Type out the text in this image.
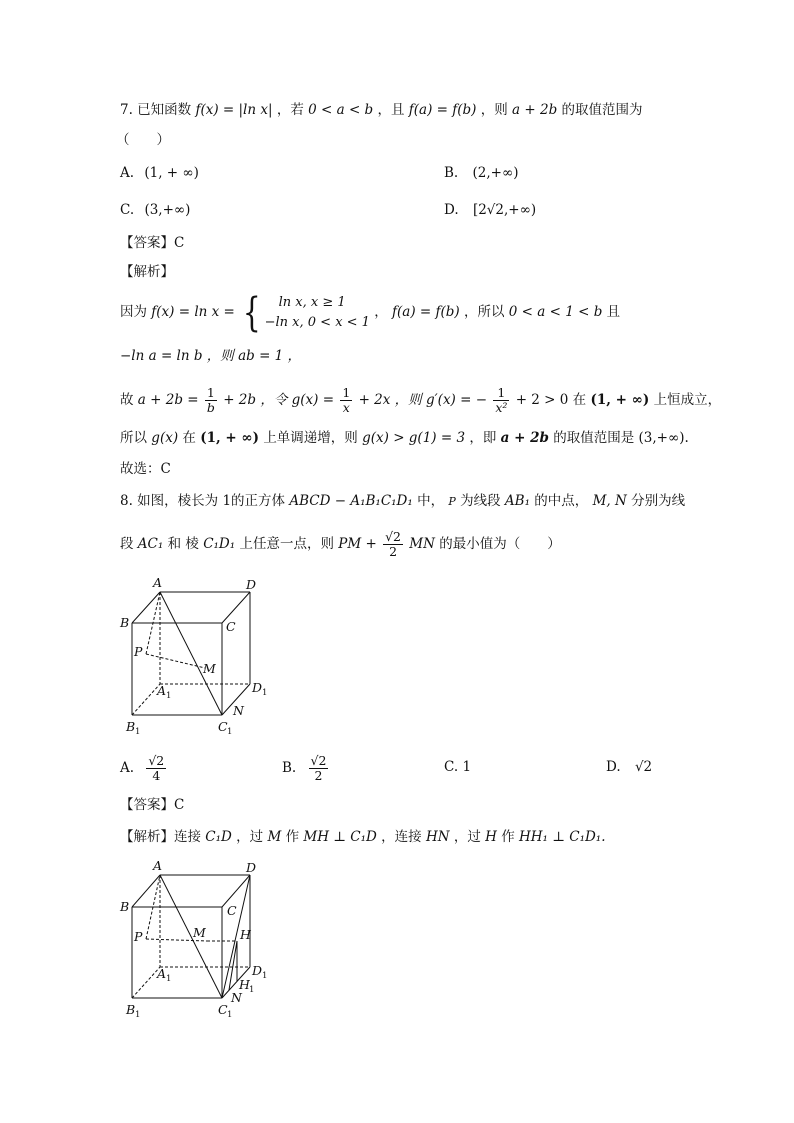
7. 已知函数 f(x) = |ln x| ，若 0 < a < b ，且 f(a) = f(b) ，则 a + 2b 的取值范围为
（　　）
A. (1, + ∞)	B. (2,+∞)
C. (3,+∞)	D. [2√2,+∞)
【答案】C
【解析】
因为 f(x) = ln x = {	ln x, x ≥ 1
−ln x, 0 < x < 1
， f(a) = f(b) ，所以 0 < a < 1 < b 且
−ln a = ln b ，则 ab = 1 ，
故 $a + 2b = \frac{1}{b} + 2b$ ，令 $g(x) = \frac{1}{x} + 2x$ ，则 g′(x) = − $\frac{1}{\text{x²}} + 2 > 0$ 在 (1, + ∞) 上恒成立，
所以 g(x) 在 (1, + ∞) 上单调递增，则 g(x) > g(1) = 3 ，即 a + 2b 的取值范围是 (3,+∞).
故选：C
8. 如图，棱长为 1的正方体 ABCD − A₁B₁C₁D₁ 中， P 为线段 AB₁ 的中点， M, N 分别为线
段 AC₁ 和 棱 C₁D₁ 上任意一点，则 PM + $\frac{√2}{2}$ MN 的最小值为（　　）
A	D
B	C
P
M
A 1
D 1
N
B 1	C 1
A. $\frac{√2}{4}$	B. $\frac{√2}{2}$	C. 1	D. √2
【答案】C
【解析】连接 C₁D ，过 M 作 MH ⊥ C₁D ，连接 HN ，过 H 作 HH₁ ⊥ C₁D₁.
A	D
B	C
P	M	H
A 1
D 1
H 1
N
B 1	C 1
